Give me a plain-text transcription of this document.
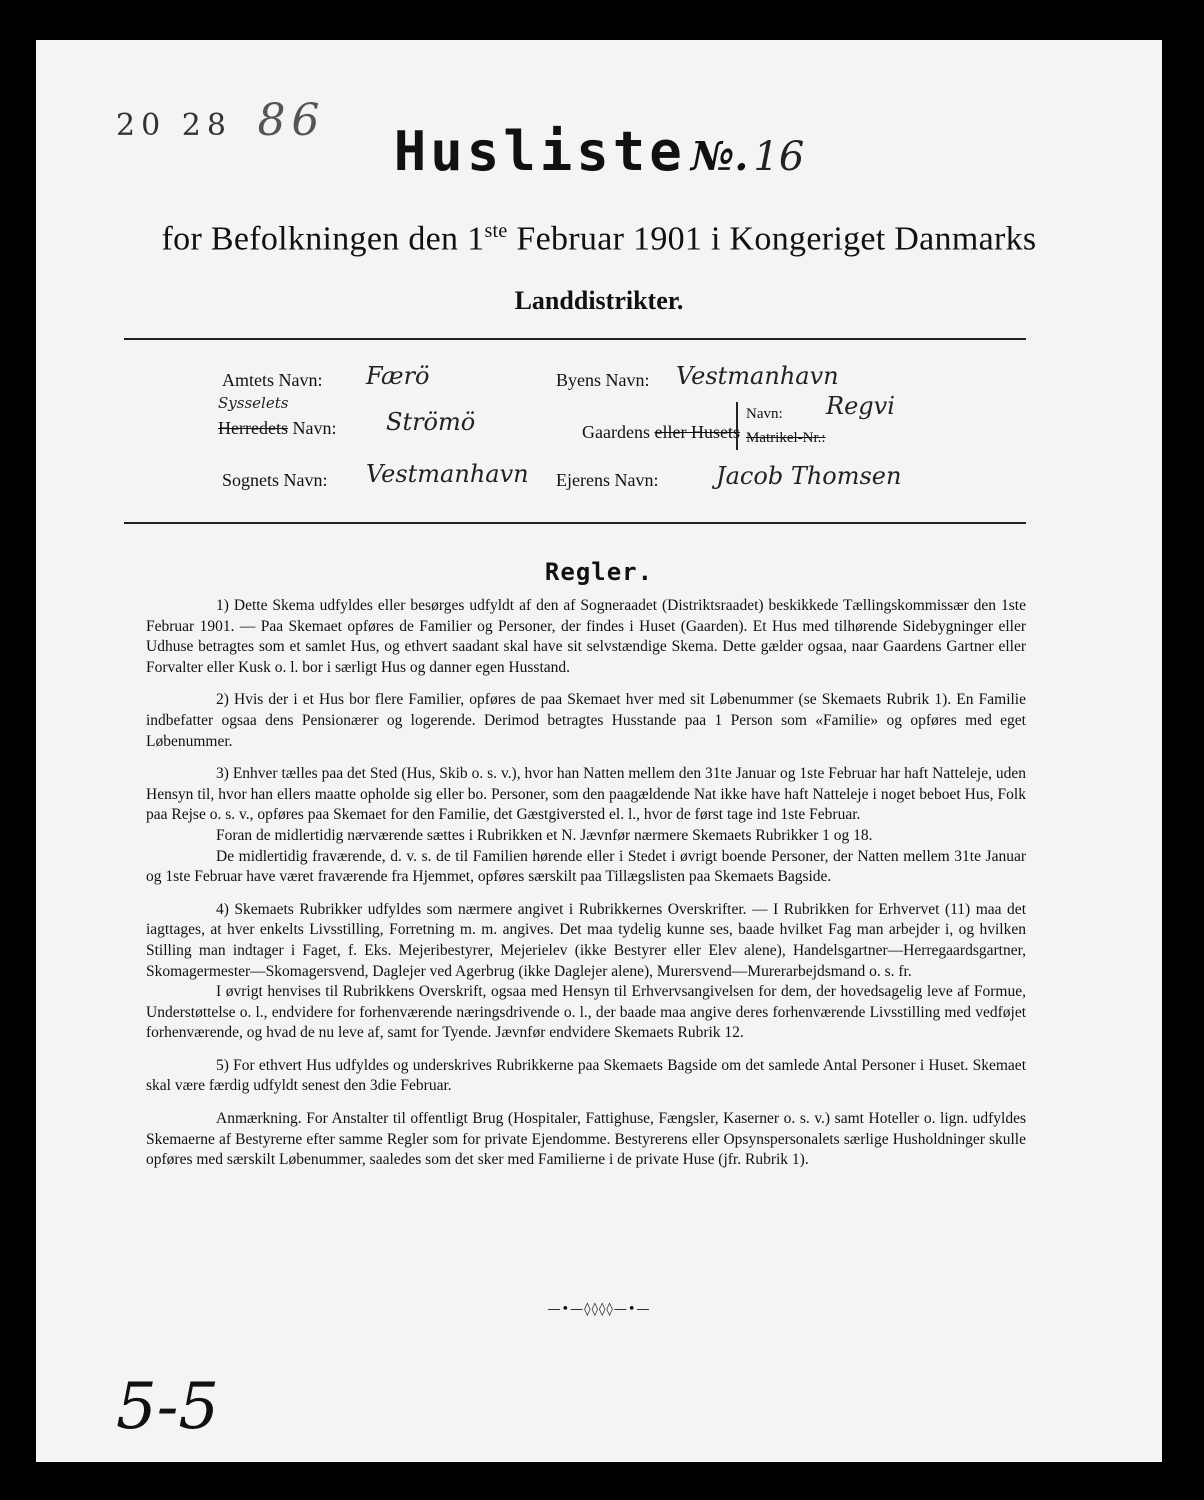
20 28 86	Husliste №. 16
for Befolkningen den 1ste Februar 1901 i Kongeriget Danmarks
Landdistrikter.
Amtets Navn: Færö
Sysselets
Herredets Navn: Strömö
Sognets Navn: Vestmanhavn
Byens Navn: Vestmanhavn
Gaardens eller Husets
Navn:
Matrikel-Nr.:
Regvi
Ejerens Navn: Jacob Thomsen
Regler.

1) Dette Skema udfyldes eller besørges udfyldt af den af Sogneraadet (Distriktsraadet) beskikkede Tællingskommissær den 1ste Februar 1901. — Paa Skemaet opføres de Familier og Personer, der findes i Huset (Gaarden). Et Hus med tilhørende Sidebygninger eller Udhuse betragtes som et samlet Hus, og ethvert saadant skal have sit selvstændige Skema. Dette gælder ogsaa, naar Gaardens Gartner eller Forvalter eller Kusk o. l. bor i særligt Hus og danner egen Husstand.

2) Hvis der i et Hus bor flere Familier, opføres de paa Skemaet hver med sit Løbenummer (se Skemaets Rubrik 1). En Familie indbefatter ogsaa dens Pensionærer og logerende. Derimod betragtes Husstande paa 1 Person som «Familie» og opføres med eget Løbenummer.

3) Enhver tælles paa det Sted (Hus, Skib o. s. v.), hvor han Natten mellem den 31te Januar og 1ste Februar har haft Natteleje, uden Hensyn til, hvor han ellers maatte opholde sig eller bo. Personer, som den paagældende Nat ikke have haft Natteleje i noget beboet Hus, Folk paa Rejse o. s. v., opføres paa Skemaet for den Familie, det Gæstgiversted el. l., hvor de først tage ind 1ste Februar.

Foran de midlertidig nærværende sættes i Rubrikken et N. Jævnfør nærmere Skemaets Rubrikker 1 og 18.

De midlertidig fraværende, d. v. s. de til Familien hørende eller i Stedet i øvrigt boende Personer, der Natten mellem 31te Januar og 1ste Februar have været fraværende fra Hjemmet, opføres særskilt paa Tillægslisten paa Skemaets Bagside.

4) Skemaets Rubrikker udfyldes som nærmere angivet i Rubrikkernes Overskrifter. — I Rubrikken for Erhvervet (11) maa det iagttages, at hver enkelts Livsstilling, Forretning m. m. angives. Det maa tydelig kunne ses, baade hvilket Fag man arbejder i, og hvilken Stilling man indtager i Faget, f. Eks. Mejeribestyrer, Mejerielev (ikke Bestyrer eller Elev alene), Handelsgartner—Herregaardsgartner, Skomagermester—Skomagersvend, Daglejer ved Agerbrug (ikke Daglejer alene), Murersvend—Murerarbejdsmand o. s. fr.

I øvrigt henvises til Rubrikkens Overskrift, ogsaa med Hensyn til Erhvervsangivelsen for dem, der hovedsagelig leve af Formue, Understøttelse o. l., endvidere for forhenværende næringsdrivende o. l., der baade maa angive deres forhenværende Livsstilling med vedføjet forhenværende, og hvad de nu leve af, samt for Tyende. Jævnfør endvidere Skemaets Rubrik 12.

5) For ethvert Hus udfyldes og underskrives Rubrikkerne paa Skemaets Bagside om det samlede Antal Personer i Huset. Skemaet skal være færdig udfyldt senest den 3die Februar.

Anmærkning. For Anstalter til offentligt Brug (Hospitaler, Fattighuse, Fængsler, Kaserner o. s. v.) samt Hoteller o. lign. udfyldes Skemaerne af Bestyrerne efter samme Regler som for private Ejendomme. Bestyrerens eller Opsynspersonalets særlige Husholdninger skulle opføres med særskilt Løbenummer, saaledes som det sker med Familierne i de private Huse (jfr. Rubrik 1).

—•—◊◊◊◊—•—
5-5
